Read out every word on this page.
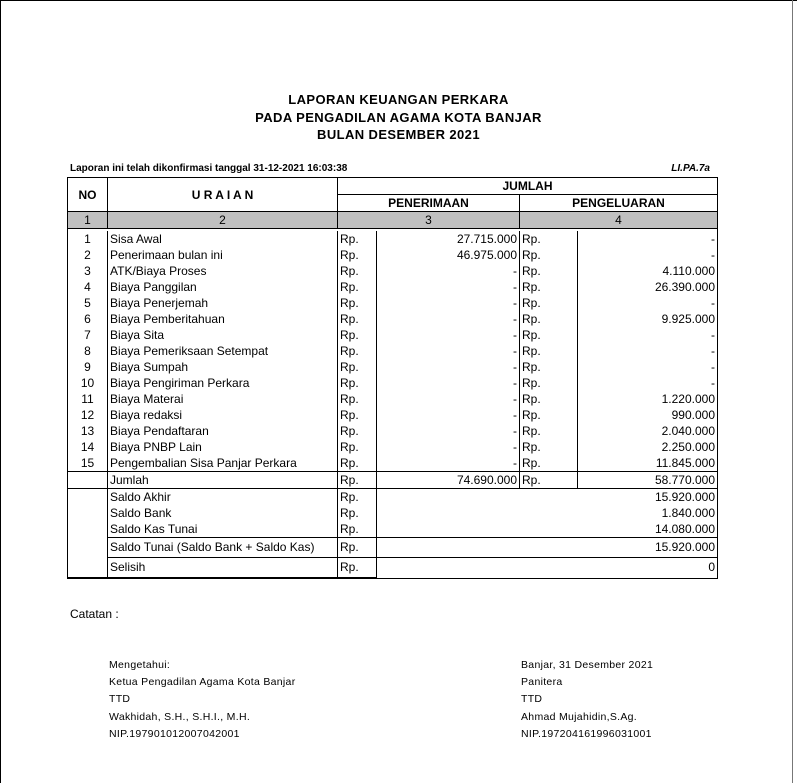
LAPORAN KEUANGAN PERKARA
PADA PENGADILAN AGAMA KOTA BANJAR
BULAN DESEMBER 2021
Laporan ini telah dikonfirmasi tanggal 31-12-2021 16:03:38	LI.PA.7a
NO	U R A I A N	JUMLAH			
		PENERIMAAN		PENGELUARAN	
1	2	3		4	

1	Sisa Awal	Rp.	27.715.000	Rp.	-
2	Penerimaan bulan ini	Rp.	46.975.000	Rp.	-
3	ATK/Biaya Proses	Rp.	-	Rp.	4.110.000
4	Biaya Panggilan	Rp.	-	Rp.	26.390.000
5	Biaya Penerjemah	Rp.	-	Rp.	-
6	Biaya Pemberitahuan	Rp.	-	Rp.	9.925.000
7	Biaya Sita	Rp.	-	Rp.	-
8	Biaya Pemeriksaan Setempat	Rp.	-	Rp.	-
9	Biaya Sumpah	Rp.	-	Rp.	-
10	Biaya Pengiriman Perkara	Rp.	-	Rp.	-
11	Biaya Materai	Rp.	-	Rp.	1.220.000
12	Biaya redaksi	Rp.	-	Rp.	990.000
13	Biaya Pendaftaran	Rp.	-	Rp.	2.040.000
14	Biaya PNBP Lain	Rp.	-	Rp.	2.250.000
15	Pengembalian Sisa Panjar Perkara	Rp.	-	Rp.	11.845.000
	Jumlah	Rp.	74.690.000	Rp.	58.770.000
	Saldo Akhir	Rp.	15.920.000		
	Saldo Bank	Rp.	1.840.000		
	Saldo Kas Tunai	Rp.	14.080.000		
	Saldo Tunai (Saldo Bank + Saldo Kas)	Rp.	15.920.000		
	Selisih	Rp.	0		
Catatan :
Mengetahui:
Ketua Pengadilan Agama Kota Banjar
TTD
Wakhidah, S.H., S.H.I., M.H.
NIP.197901012007042001
Banjar, 31 Desember 2021
Panitera
TTD
Ahmad Mujahidin,S.Ag.
NIP.197204161996031001
